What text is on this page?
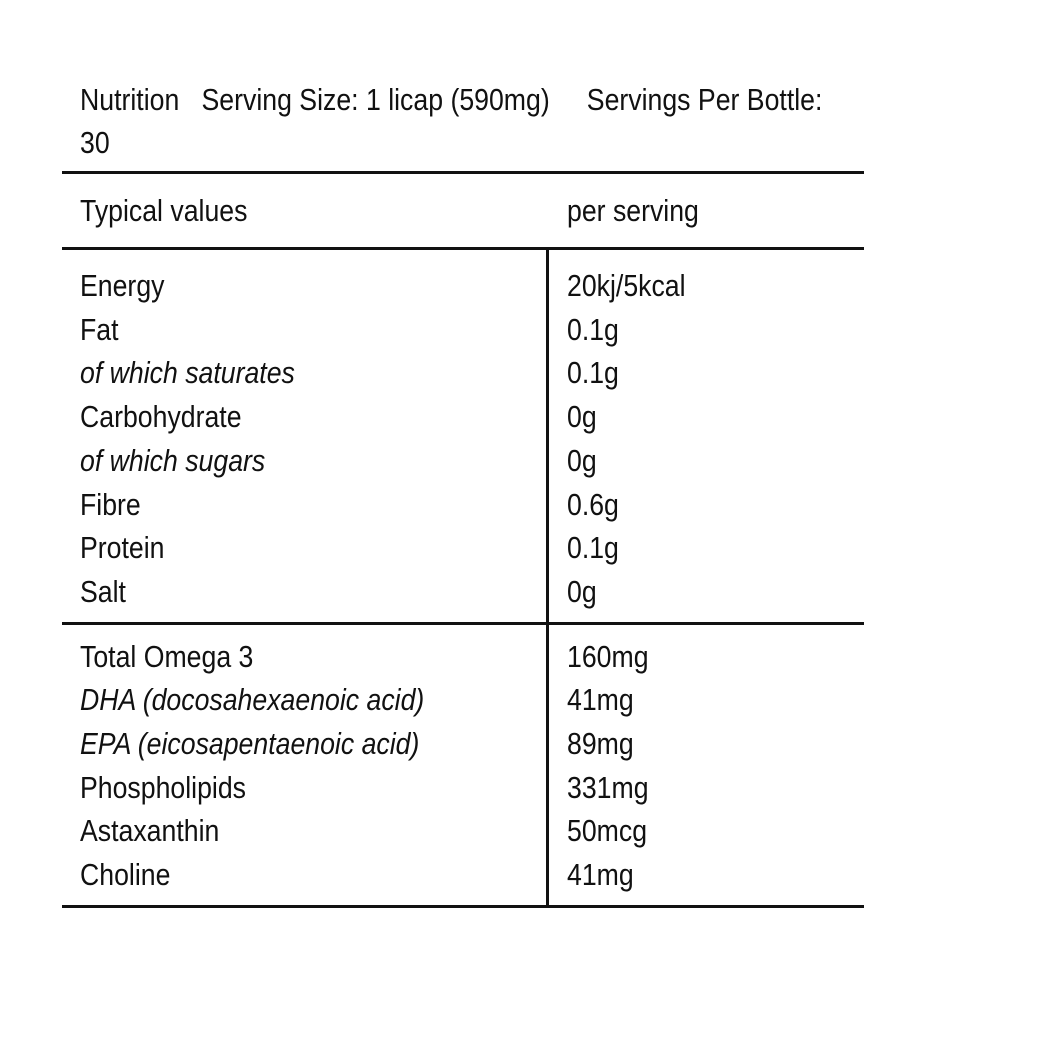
Nutrition Serving Size: 1 licap (590mg) Servings Per Bottle: 30

Typical values	per serving
Energy
Fat
of which saturates
Carbohydrate
of which sugars
Fibre
Protein
Salt
20kj/5kcal
0.1g
0.1g
0g
0g
0.6g
0.1g
0g
Total Omega 3
DHA (docosahexaenoic acid)
EPA (eicosapentaenoic acid)
Phospholipids
Astaxanthin
Choline
160mg
41mg
89mg
331mg
50mcg
41mg
